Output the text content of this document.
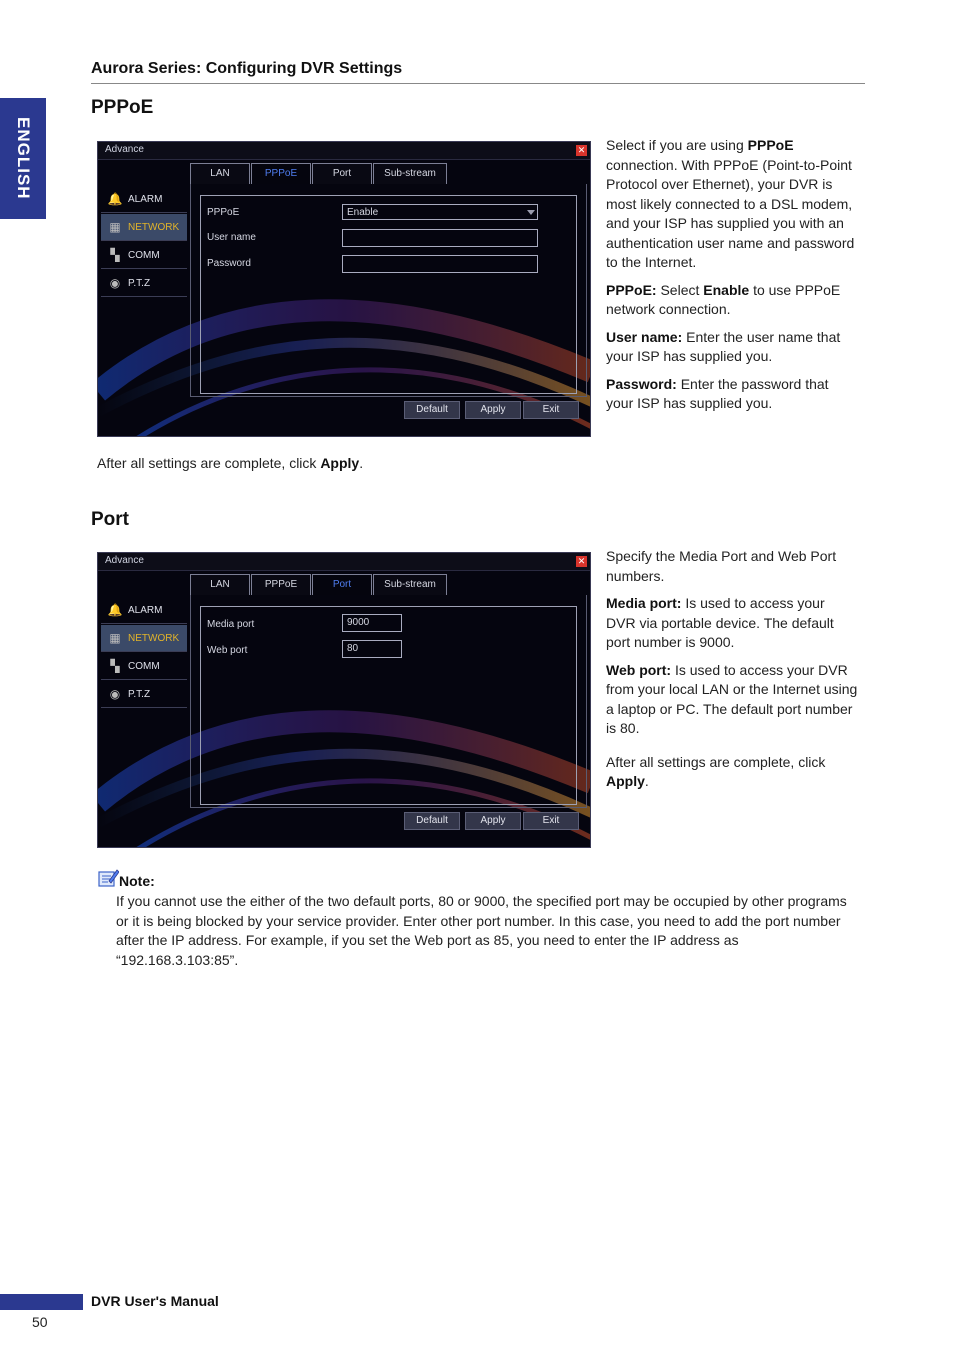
ENGLISH
Aurora Series: Configuring DVR Settings
PPPoE
Advance	✕
LAN	PPPoE	Port	Sub-stream
🔔 ALARM
▦ NETWORK
▚ COMM
◉ P.T.Z
PPPoE	Enable
User name
Password
Default	Apply	Exit
Select if you are using PPPoE connection. With PPPoE (Point-to-Point Protocol over Ethernet), your DVR is most likely connected to a DSL modem, and your ISP has supplied you with an authentication user name and password to the Internet.
PPPoE: Select Enable to use PPPoE network connection.
User name: Enter the user name that your ISP has supplied you.
Password: Enter the password that your ISP has supplied you.
After all settings are complete, click Apply.
Port
Advance	✕
LAN	PPPoE	Port	Sub-stream
🔔 ALARM
▦ NETWORK
▚ COMM
◉ P.T.Z
Media port	9000
Web port	80
Default	Apply	Exit
Specify the Media Port and Web Port numbers.
Media port: Is used to access your DVR via portable device. The default port number is 9000.
Web port: Is used to access your DVR from your local LAN or the Internet using a laptop or PC. The default port number is 80.
After all settings are complete, click Apply.
Note:
If you cannot use the either of the two default ports, 80 or 9000, the specified port may be occupied by other programs or it is being blocked by your service provider. Enter other port number. In this case, you need to add the port number after the IP address. For example, if you set the Web port as 85, you need to enter the IP address as “192.168.3.103:85”.
DVR User's Manual
50
